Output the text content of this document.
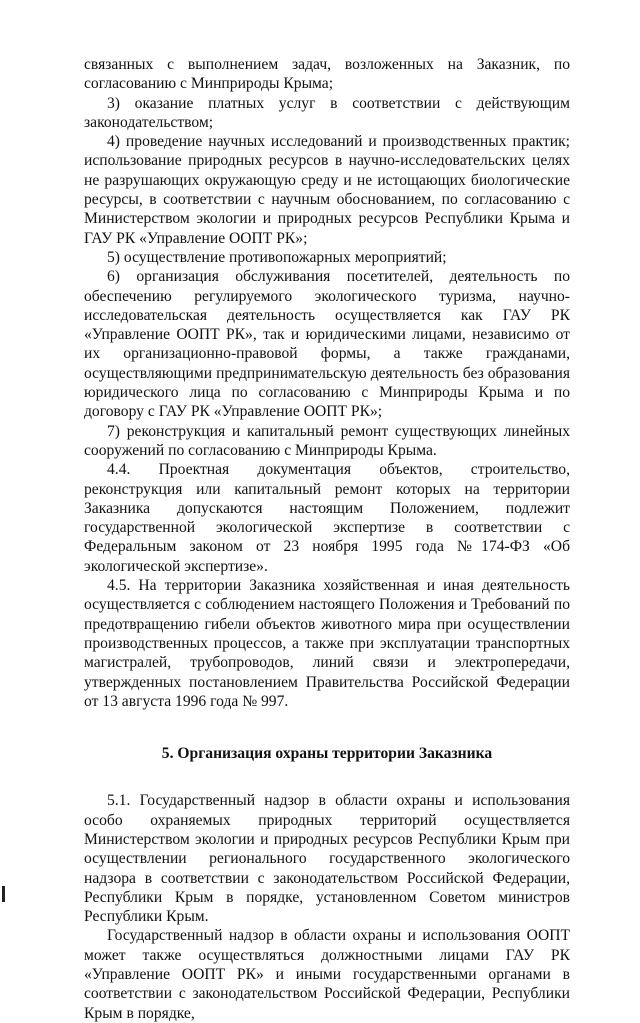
связанных с выполнением задач, возложенных на Заказник, по согласованию с Минприроды Крыма;

3) оказание платных услуг в соответствии с действующим законодательством;

4) проведение научных исследований и производственных практик; использование природных ресурсов в научно-исследовательских целях не разрушающих окружающую среду и не истощающих биологические ресурсы, в соответствии с научным обоснованием, по согласованию с Министерством экологии и природных ресурсов Республики Крыма и ГАУ РК «Управление ООПТ РК»;

5) осуществление противопожарных мероприятий;

6) организация обслуживания посетителей, деятельность по обеспечению регулируемого экологического туризма, научно-исследовательская деятельность осуществляется как ГАУ РК «Управление ООПТ РК», так и юридическими лицами, независимо от их организационно-правовой формы, а также гражданами, осуществляющими предпринимательскую деятельность без образования юридического лица по согласованию с Минприроды Крыма и по договору с ГАУ РК «Управление ООПТ РК»;

7) реконструкция и капитальный ремонт существующих линейных сооружений по согласованию с Минприроды Крыма.

4.4. Проектная документация объектов, строительство, реконструкция или капитальный ремонт которых на территории Заказника допускаются настоящим Положением, подлежит государственной экологической экспертизе в соответствии с Федеральным законом от 23 ноября 1995 года №174-ФЗ «Об экологической экспертизе».

4.5. На территории Заказника хозяйственная и иная деятельность осуществляется с соблюдением настоящего Положения и Требований по предотвращению гибели объектов животного мира при осуществлении производственных процессов, а также при эксплуатации транспортных магистралей, трубопроводов, линий связи и электропередачи, утвержденных постановлением Правительства Российской Федерации от 13 августа 1996 года № 997.

5. Организация охраны территории Заказника

5.1. Государственный надзор в области охраны и использования особо охраняемых природных территорий осуществляется Министерством экологии и природных ресурсов Республики Крым при осуществлении регионального государственного экологического надзора в соответствии с законодательством Российской Федерации, Республики Крым в порядке, установленном Советом министров Республики Крым.

Государственный надзор в области охраны и использования ООПТ может также осуществляться должностными лицами ГАУ РК «Управление ООПТ РК» и иными государственными органами в соответствии с законодательством Российской Федерации, Республики Крым в порядке,
